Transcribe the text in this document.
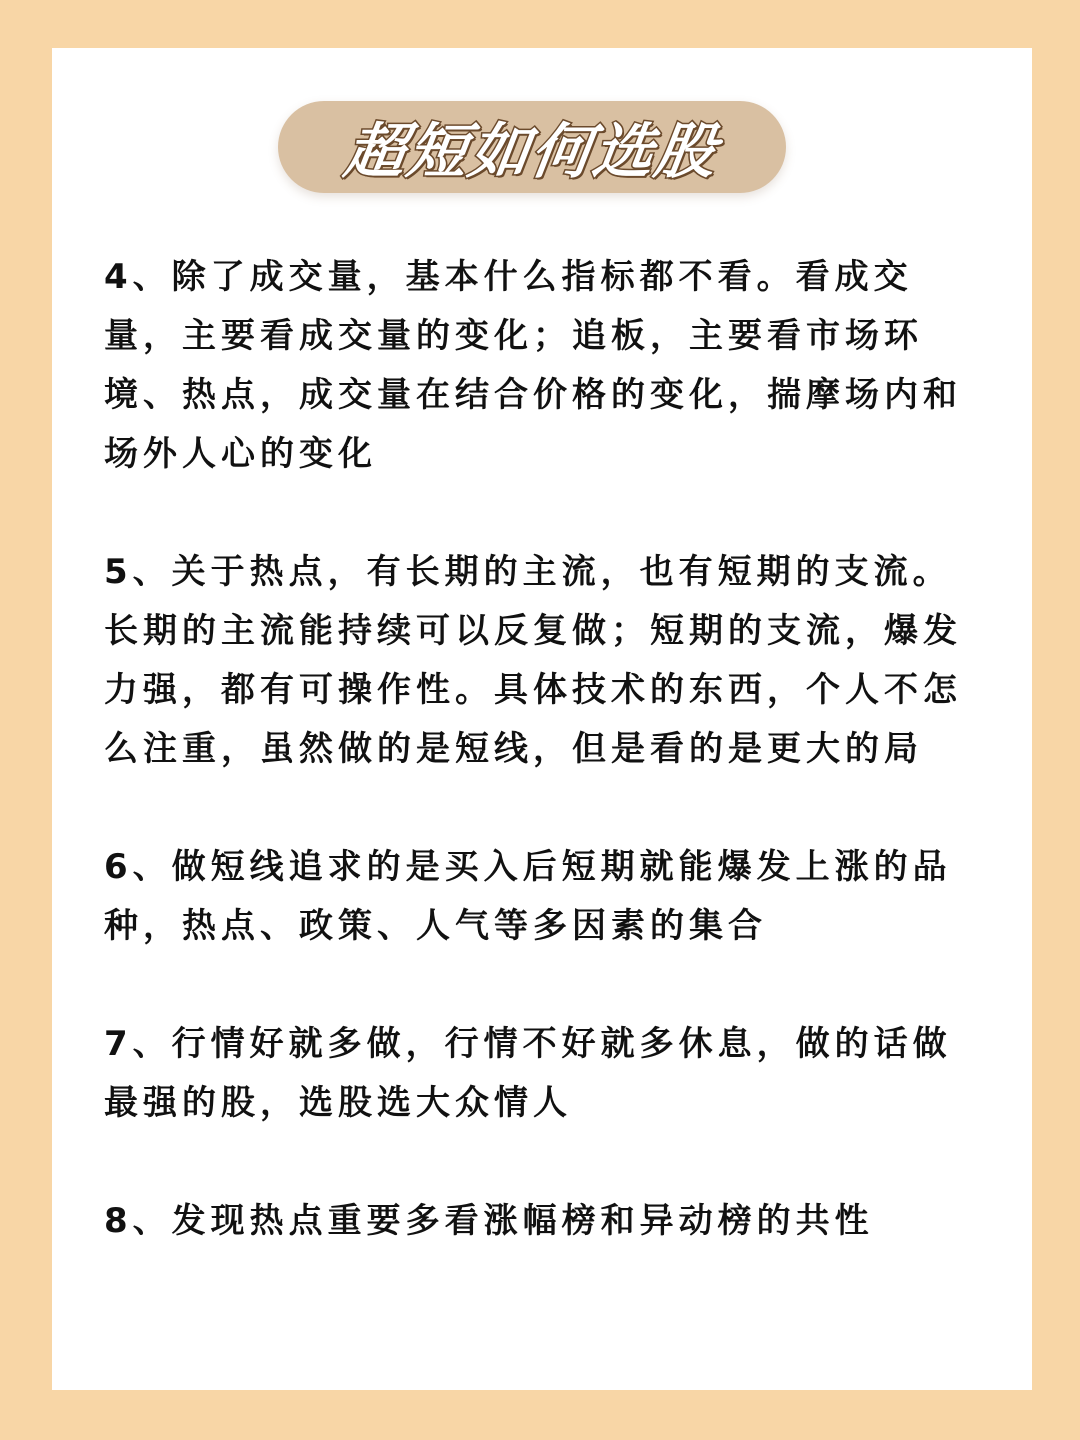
超短如何选股

4、除了成交量，基本什么指标都不看。看成交量，主要看成交量的变化；追板，主要看市场环境、热点，成交量在结合价格的变化，揣摩场内和场外人心的变化

5、关于热点，有长期的主流，也有短期的支流。长期的主流能持续可以反复做；短期的支流，爆发力强，都有可操作性。具体技术的东西，个人不怎么注重，虽然做的是短线，但是看的是更大的局

6、做短线追求的是买入后短期就能爆发上涨的品种，热点、政策、人气等多因素的集合

7、行情好就多做，行情不好就多休息，做的话做最强的股，选股选大众情人

8、发现热点重要多看涨幅榜和异动榜的共性
